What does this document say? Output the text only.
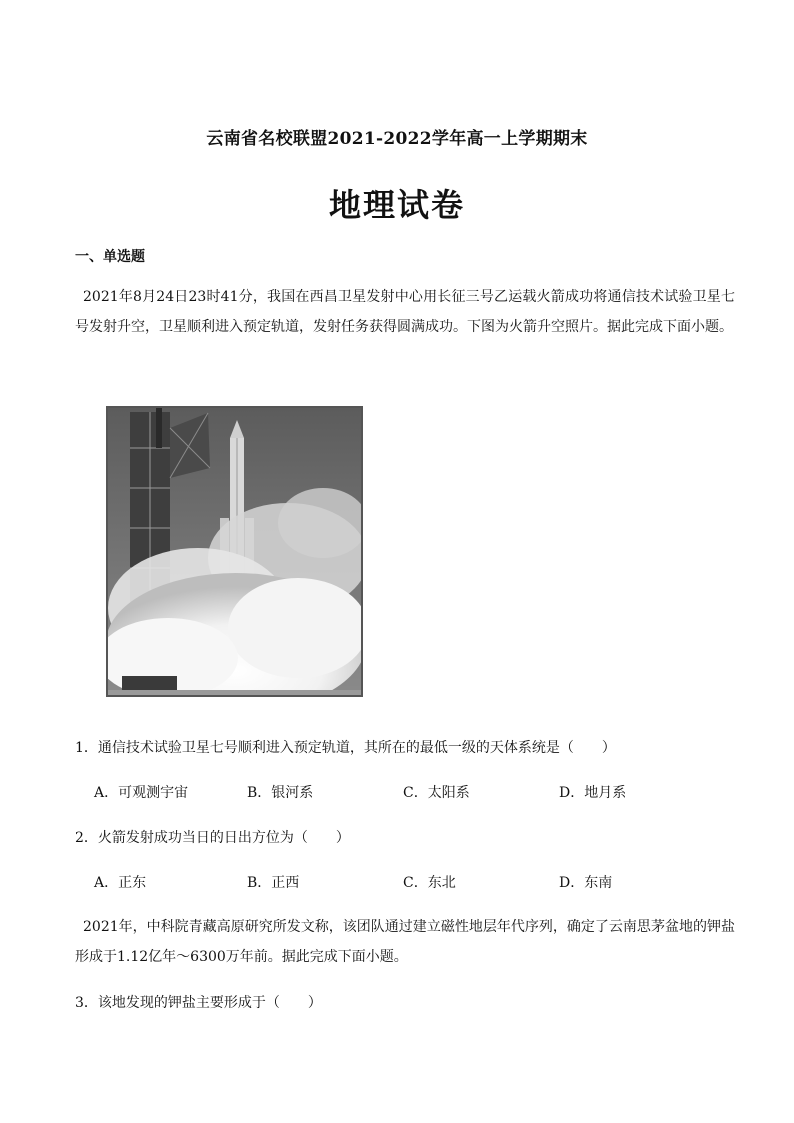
云南省名校联盟2021-2022学年高一上学期期末
地理试卷
一、单选题
2021年8月24日23时41分，我国在西昌卫星发射中心用长征三号乙运载火箭成功将通信技术试验卫星七号发射升空，卫星顺利进入预定轨道，发射任务获得圆满成功。下图为火箭升空照片。据此完成下面小题。
1．通信技术试验卫星七号顺利进入预定轨道，其所在的最低一级的天体系统是（　　）
A．可观测宇宙	B．银河系	C．太阳系	D．地月系
2．火箭发射成功当日的日出方位为（　　）
A．正东	B．正西	C．东北	D．东南
2021年，中科院青藏高原研究所发文称，该团队通过建立磁性地层年代序列，确定了云南思茅盆地的钾盐形成于1.12亿年～6300万年前。据此完成下面小题。
3．该地发现的钾盐主要形成于（　　）
